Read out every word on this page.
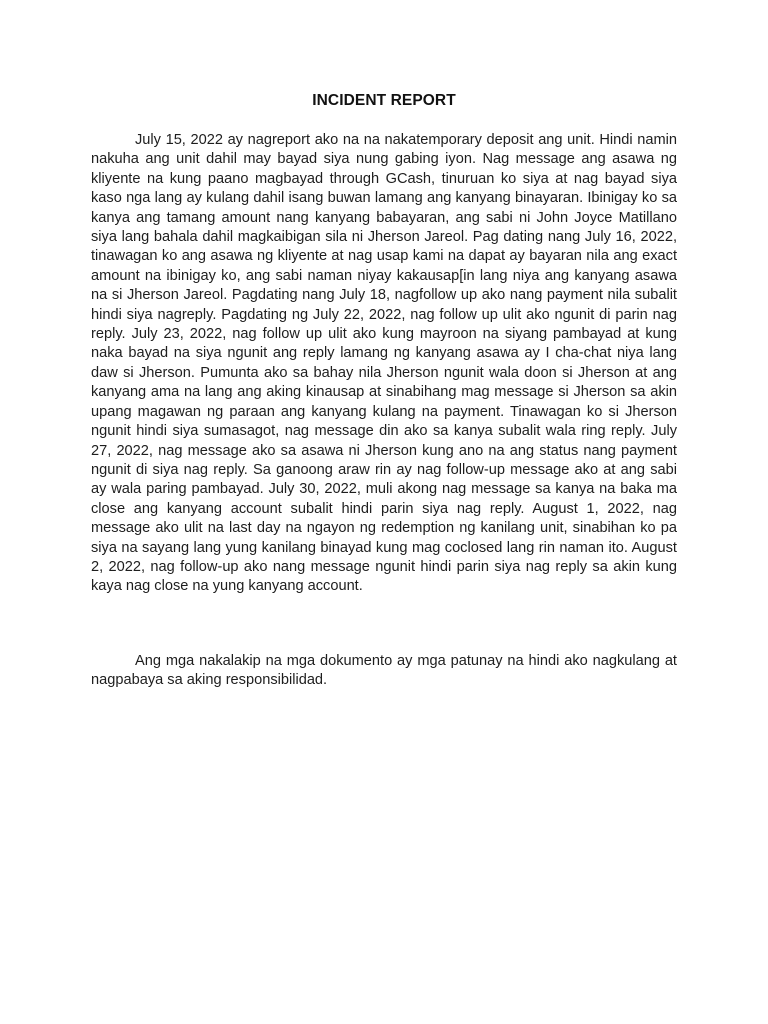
INCIDENT REPORT

July 15, 2022 ay nagreport ako na na nakatemporary deposit ang unit. Hindi namin nakuha ang unit dahil may bayad siya nung gabing iyon. Nag message ang asawa ng kliyente na kung paano magbayad through GCash, tinuruan ko siya at nag bayad siya kaso nga lang ay kulang dahil isang buwan lamang ang kanyang binayaran. Ibinigay ko sa kanya ang tamang amount nang kanyang babayaran, ang sabi ni John Joyce Matillano siya lang bahala dahil magkaibigan sila ni Jherson Jareol. Pag dating nang July 16, 2022, tinawagan ko ang asawa ng kliyente at nag usap kami na dapat ay bayaran nila ang exact amount na ibinigay ko, ang sabi naman niyay kakausap[in lang niya ang kanyang asawa na si Jherson Jareol. Pagdating nang July 18, nagfollow up ako nang payment nila subalit hindi siya nagreply. Pagdating ng July 22, 2022, nag follow up ulit ako ngunit di parin nag reply. July 23, 2022, nag follow up ulit ako kung mayroon na siyang pambayad at kung naka bayad na siya ngunit ang reply lamang ng kanyang asawa ay I cha-chat niya lang daw si Jherson. Pumunta ako sa bahay nila Jherson ngunit wala doon si Jherson at ang kanyang ama na lang ang aking kinausap at sinabihang mag message si Jherson sa akin upang magawan ng paraan ang kanyang kulang na payment. Tinawagan ko si Jherson ngunit hindi siya sumasagot, nag message din ako sa kanya subalit wala ring reply. July 27, 2022, nag message ako sa asawa ni Jherson kung ano na ang status nang payment ngunit di siya nag reply. Sa ganoong araw rin ay nag follow-up message ako at ang sabi ay wala paring pambayad. July 30, 2022, muli akong nag message sa kanya na baka ma close ang kanyang account subalit hindi parin siya nag reply. August 1, 2022, nag message ako ulit na last day na ngayon ng redemption ng kanilang unit, sinabihan ko pa siya na sayang lang yung kanilang binayad kung mag coclosed lang rin naman ito. August 2, 2022, nag follow-up ako nang message ngunit hindi parin siya nag reply sa akin kung kaya nag close na yung kanyang account.

Ang mga nakalakip na mga dokumento ay mga patunay na hindi ako nagkulang at nagpabaya sa aking responsibilidad.
